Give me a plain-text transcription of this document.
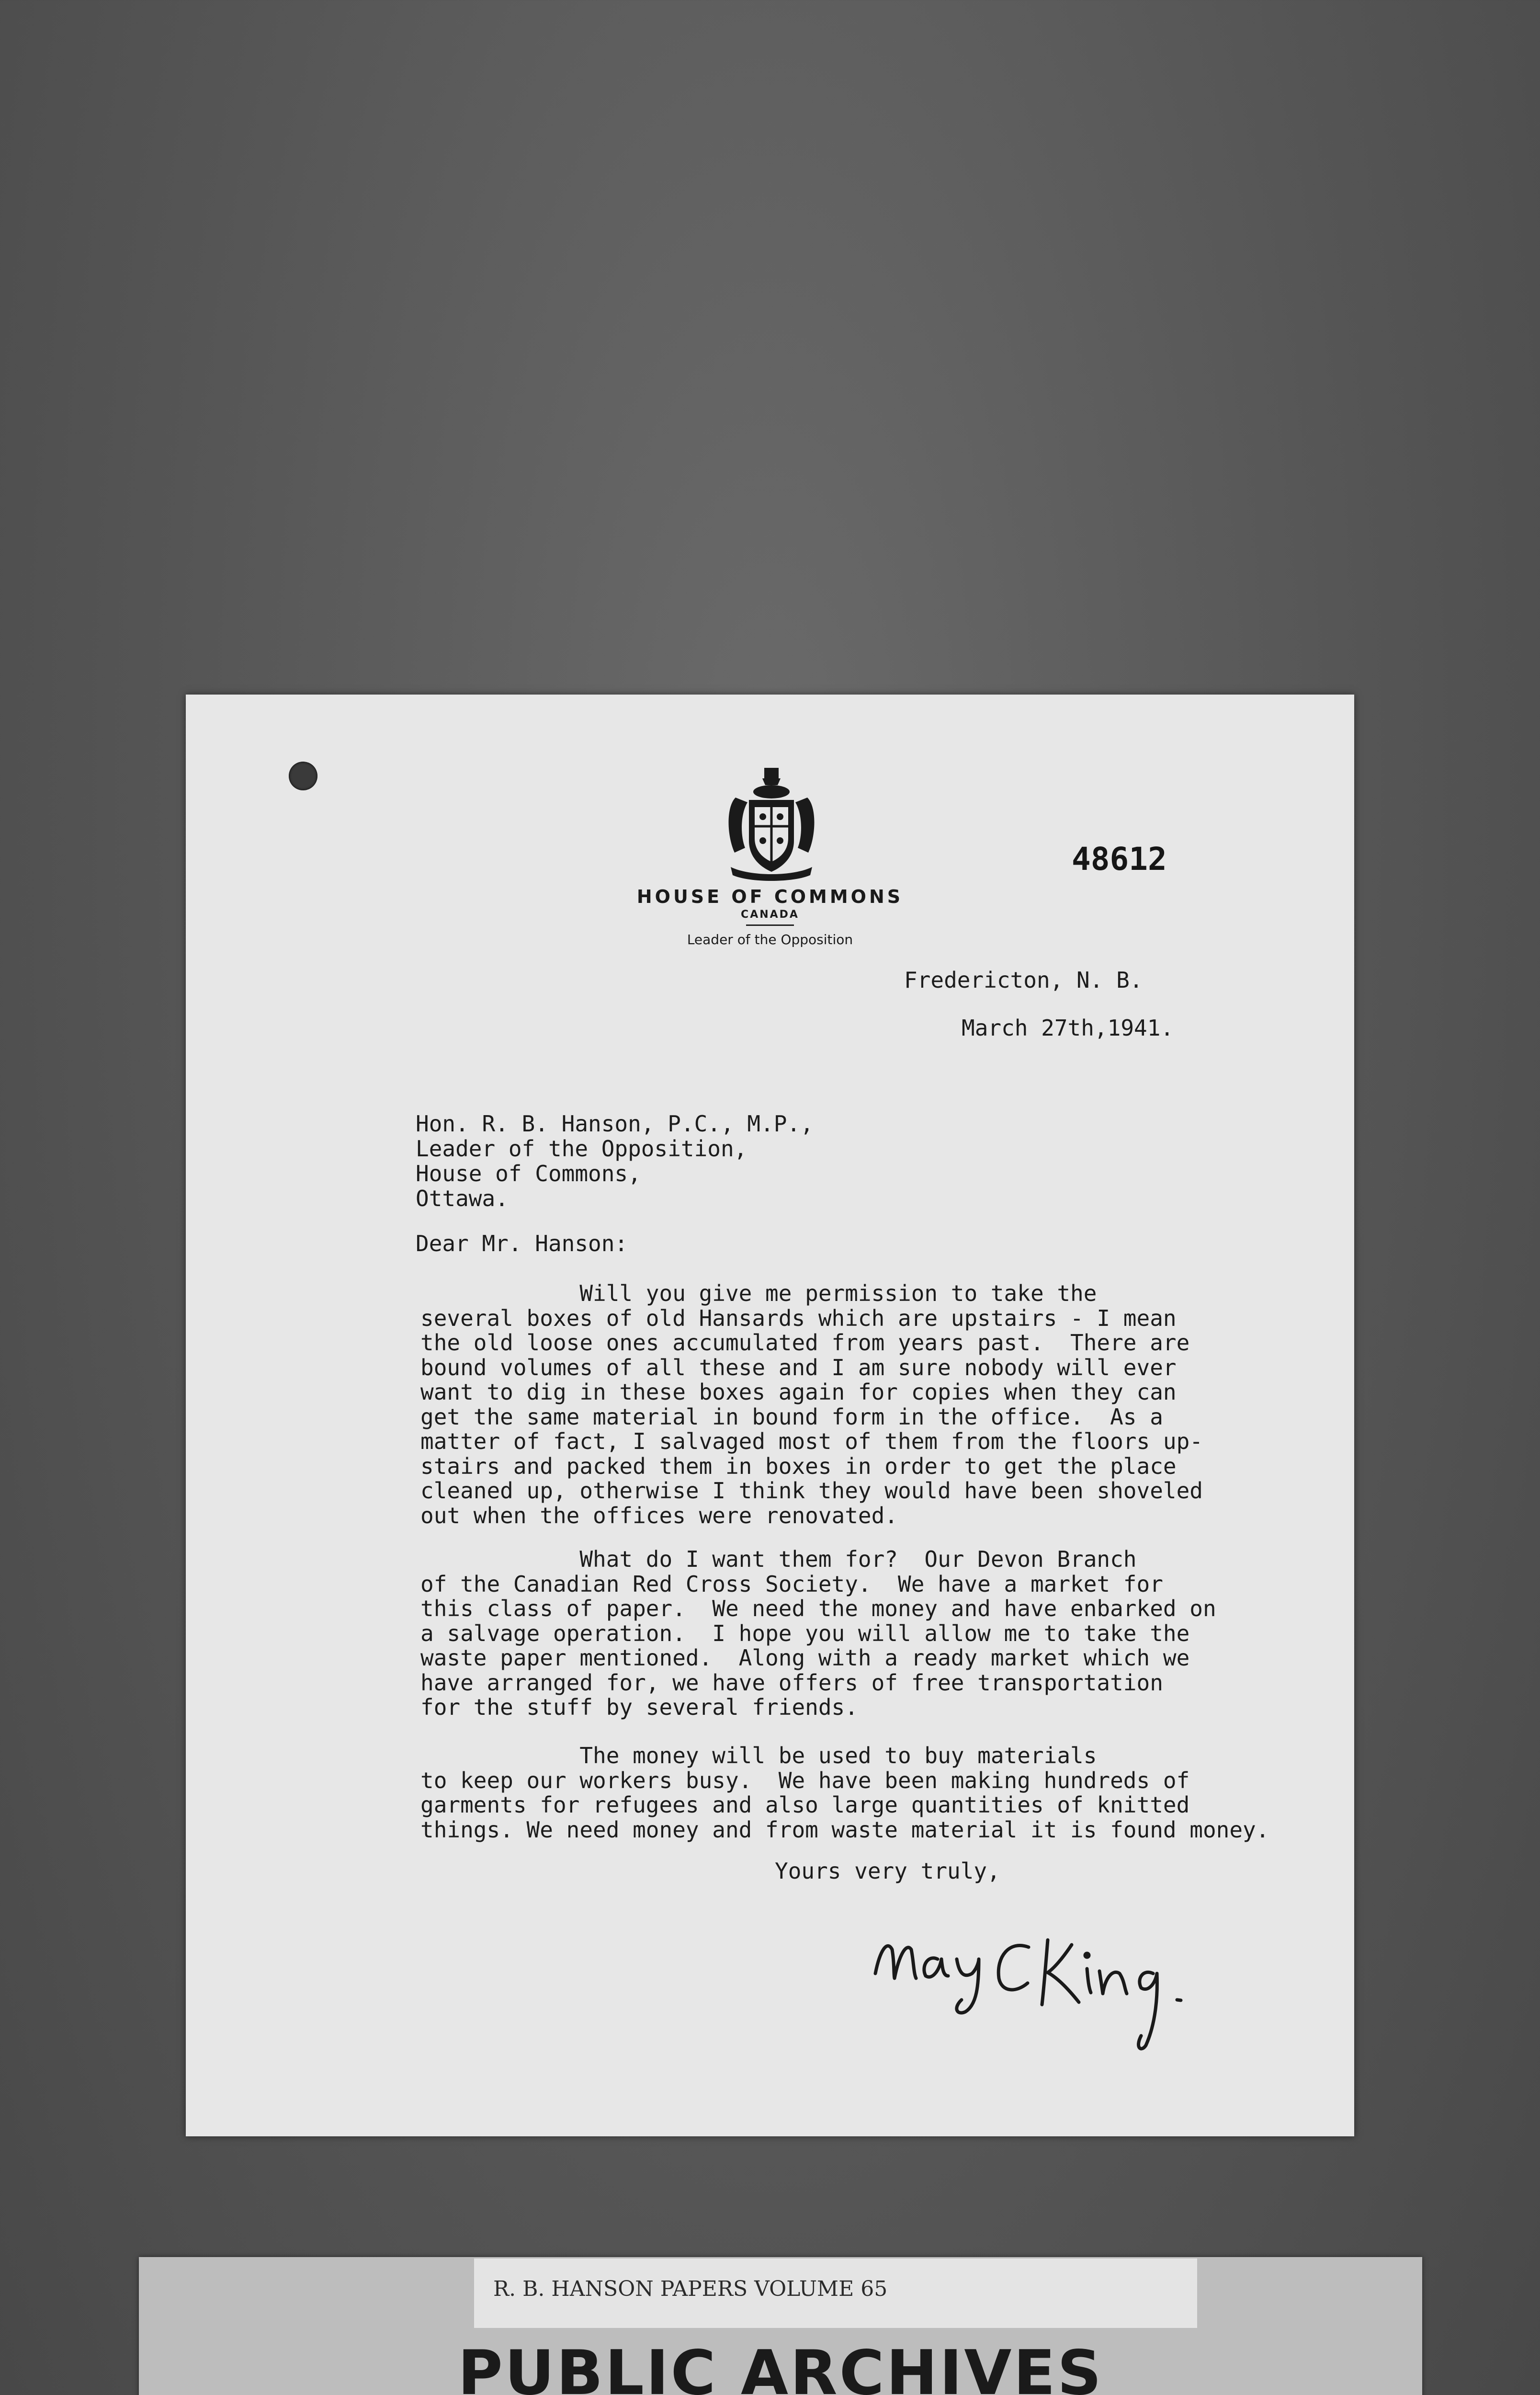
HOUSE OF COMMONS
CANADA
Leader of the Opposition
48612
Fredericton, N. B.
March 27th,1941.
Hon. R. B. Hanson, P.C., M.P.,
Leader of the Opposition,
House of Commons,
Ottawa.
Dear Mr. Hanson:
Will you give me permission to take the
several boxes of old Hansards which are upstairs - I mean
the old loose ones accumulated from years past.  There are
bound volumes of all these and I am sure nobody will ever
want to dig in these boxes again for copies when they can
get the same material in bound form in the office.  As a
matter of fact, I salvaged most of them from the floors up-
stairs and packed them in boxes in order to get the place
cleaned up, otherwise I think they would have been shoveled
out when the offices were renovated.
What do I want them for?  Our Devon Branch
of the Canadian Red Cross Society.  We have a market for
this class of paper.  We need the money and have enbarked on
a salvage operation.  I hope you will allow me to take the
waste paper mentioned.  Along with a ready market which we
have arranged for, we have offers of free transportation
for the stuff by several friends.
The money will be used to buy materials
to keep our workers busy.  We have been making hundreds of
garments for refugees and also large quantities of knitted
things. We need money and from waste material it is found money.
Yours very truly,
R. B. HANSON PAPERS VOLUME 65
PUBLIC ARCHIVES
